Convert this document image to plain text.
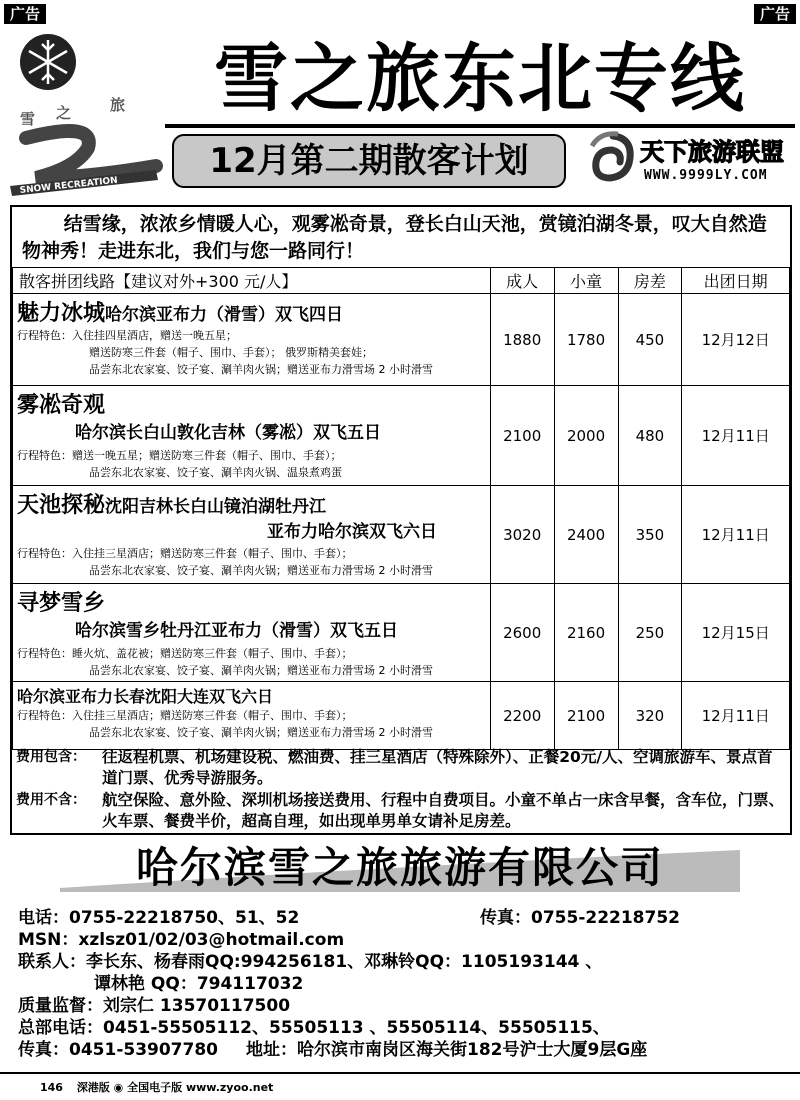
广告	广告
雪 之	旅
SNOW RECREATION
雪之旅东北专线
12月第二期散客计划	天下旅游联盟
WWW.9999LY.COM
结雪缘，浓浓乡情暖人心，观雾凇奇景，登长白山天池，赏镜泊湖冬景，叹大自然造物神秀！走进东北，我们与您一路同行！
散客拼团线路【建议对外+300 元/人】	成人	小童	房差	出团日期

魅力冰城哈尔滨亚布力（滑雪）双飞四日
行程特色：入住挂四星酒店，赠送一晚五星；
赠送防寒三件套（帽子、围巾、手套）； 俄罗斯精美套娃；
品尝东北农家宴、饺子宴、涮羊肉火锅；赠送亚布力滑雪场 2 小时滑雪	1880	1780	450	12月12日

雾凇奇观
哈尔滨长白山敦化吉林（雾凇）双飞五日
行程特色：赠送一晚五星；赠送防寒三件套（帽子、围巾、手套）；
品尝东北农家宴、饺子宴、涮羊肉火锅、温泉煮鸡蛋	2100	2000	480	12月11日

天池探秘沈阳吉林长白山镜泊湖牡丹江
亚布力哈尔滨双飞六日
行程特色：入住挂三星酒店；赠送防寒三件套（帽子、围巾、手套）；
品尝东北农家宴、饺子宴、涮羊肉火锅；赠送亚布力滑雪场 2 小时滑雪	3020	2400	350	12月11日

寻梦雪乡
哈尔滨雪乡牡丹江亚布力（滑雪）双飞五日
行程特色：睡火炕、盖花被；赠送防寒三件套（帽子、围巾、手套）；
品尝东北农家宴、饺子宴、涮羊肉火锅；赠送亚布力滑雪场 2 小时滑雪	2600	2160	250	12月15日

哈尔滨亚布力长春沈阳大连双飞六日
行程特色：入住挂三星酒店；赠送防寒三件套（帽子、围巾、手套）；
品尝东北农家宴、饺子宴、涮羊肉火锅；赠送亚布力滑雪场 2 小时滑雪	2200	2100	320	12月11日
费用包含：	往返程机票、机场建设税、燃油费、挂三星酒店（特殊除外）、正餐20元/人、空调旅游车、景点首道门票、优秀导游服务。
费用不含：	航空保险、意外险、深圳机场接送费用、行程中自费项目。小童不单占一床含早餐，含车位，门票、火车票、餐费半价，超高自理，如出现单男单女请补足房差。
哈尔滨雪之旅旅游有限公司
电话：0755-22218750、51、52	传真：0755-22218752
MSN：xzlsz01/02/03@hotmail.com
联系人：李长东、杨春雨QQ:994256181、邓琳铃QQ：1105193144 、
谭林艳 QQ：794117032
质量监督：刘宗仁 13570117500
总部电话：0451-55505112、55505113 、55505114、55505115、
传真：0451-53907780 地址：哈尔滨市南岗区海关街182号沪士大厦9层G座
146 深港版 ◉ 全国电子版 www.zyoo.net
